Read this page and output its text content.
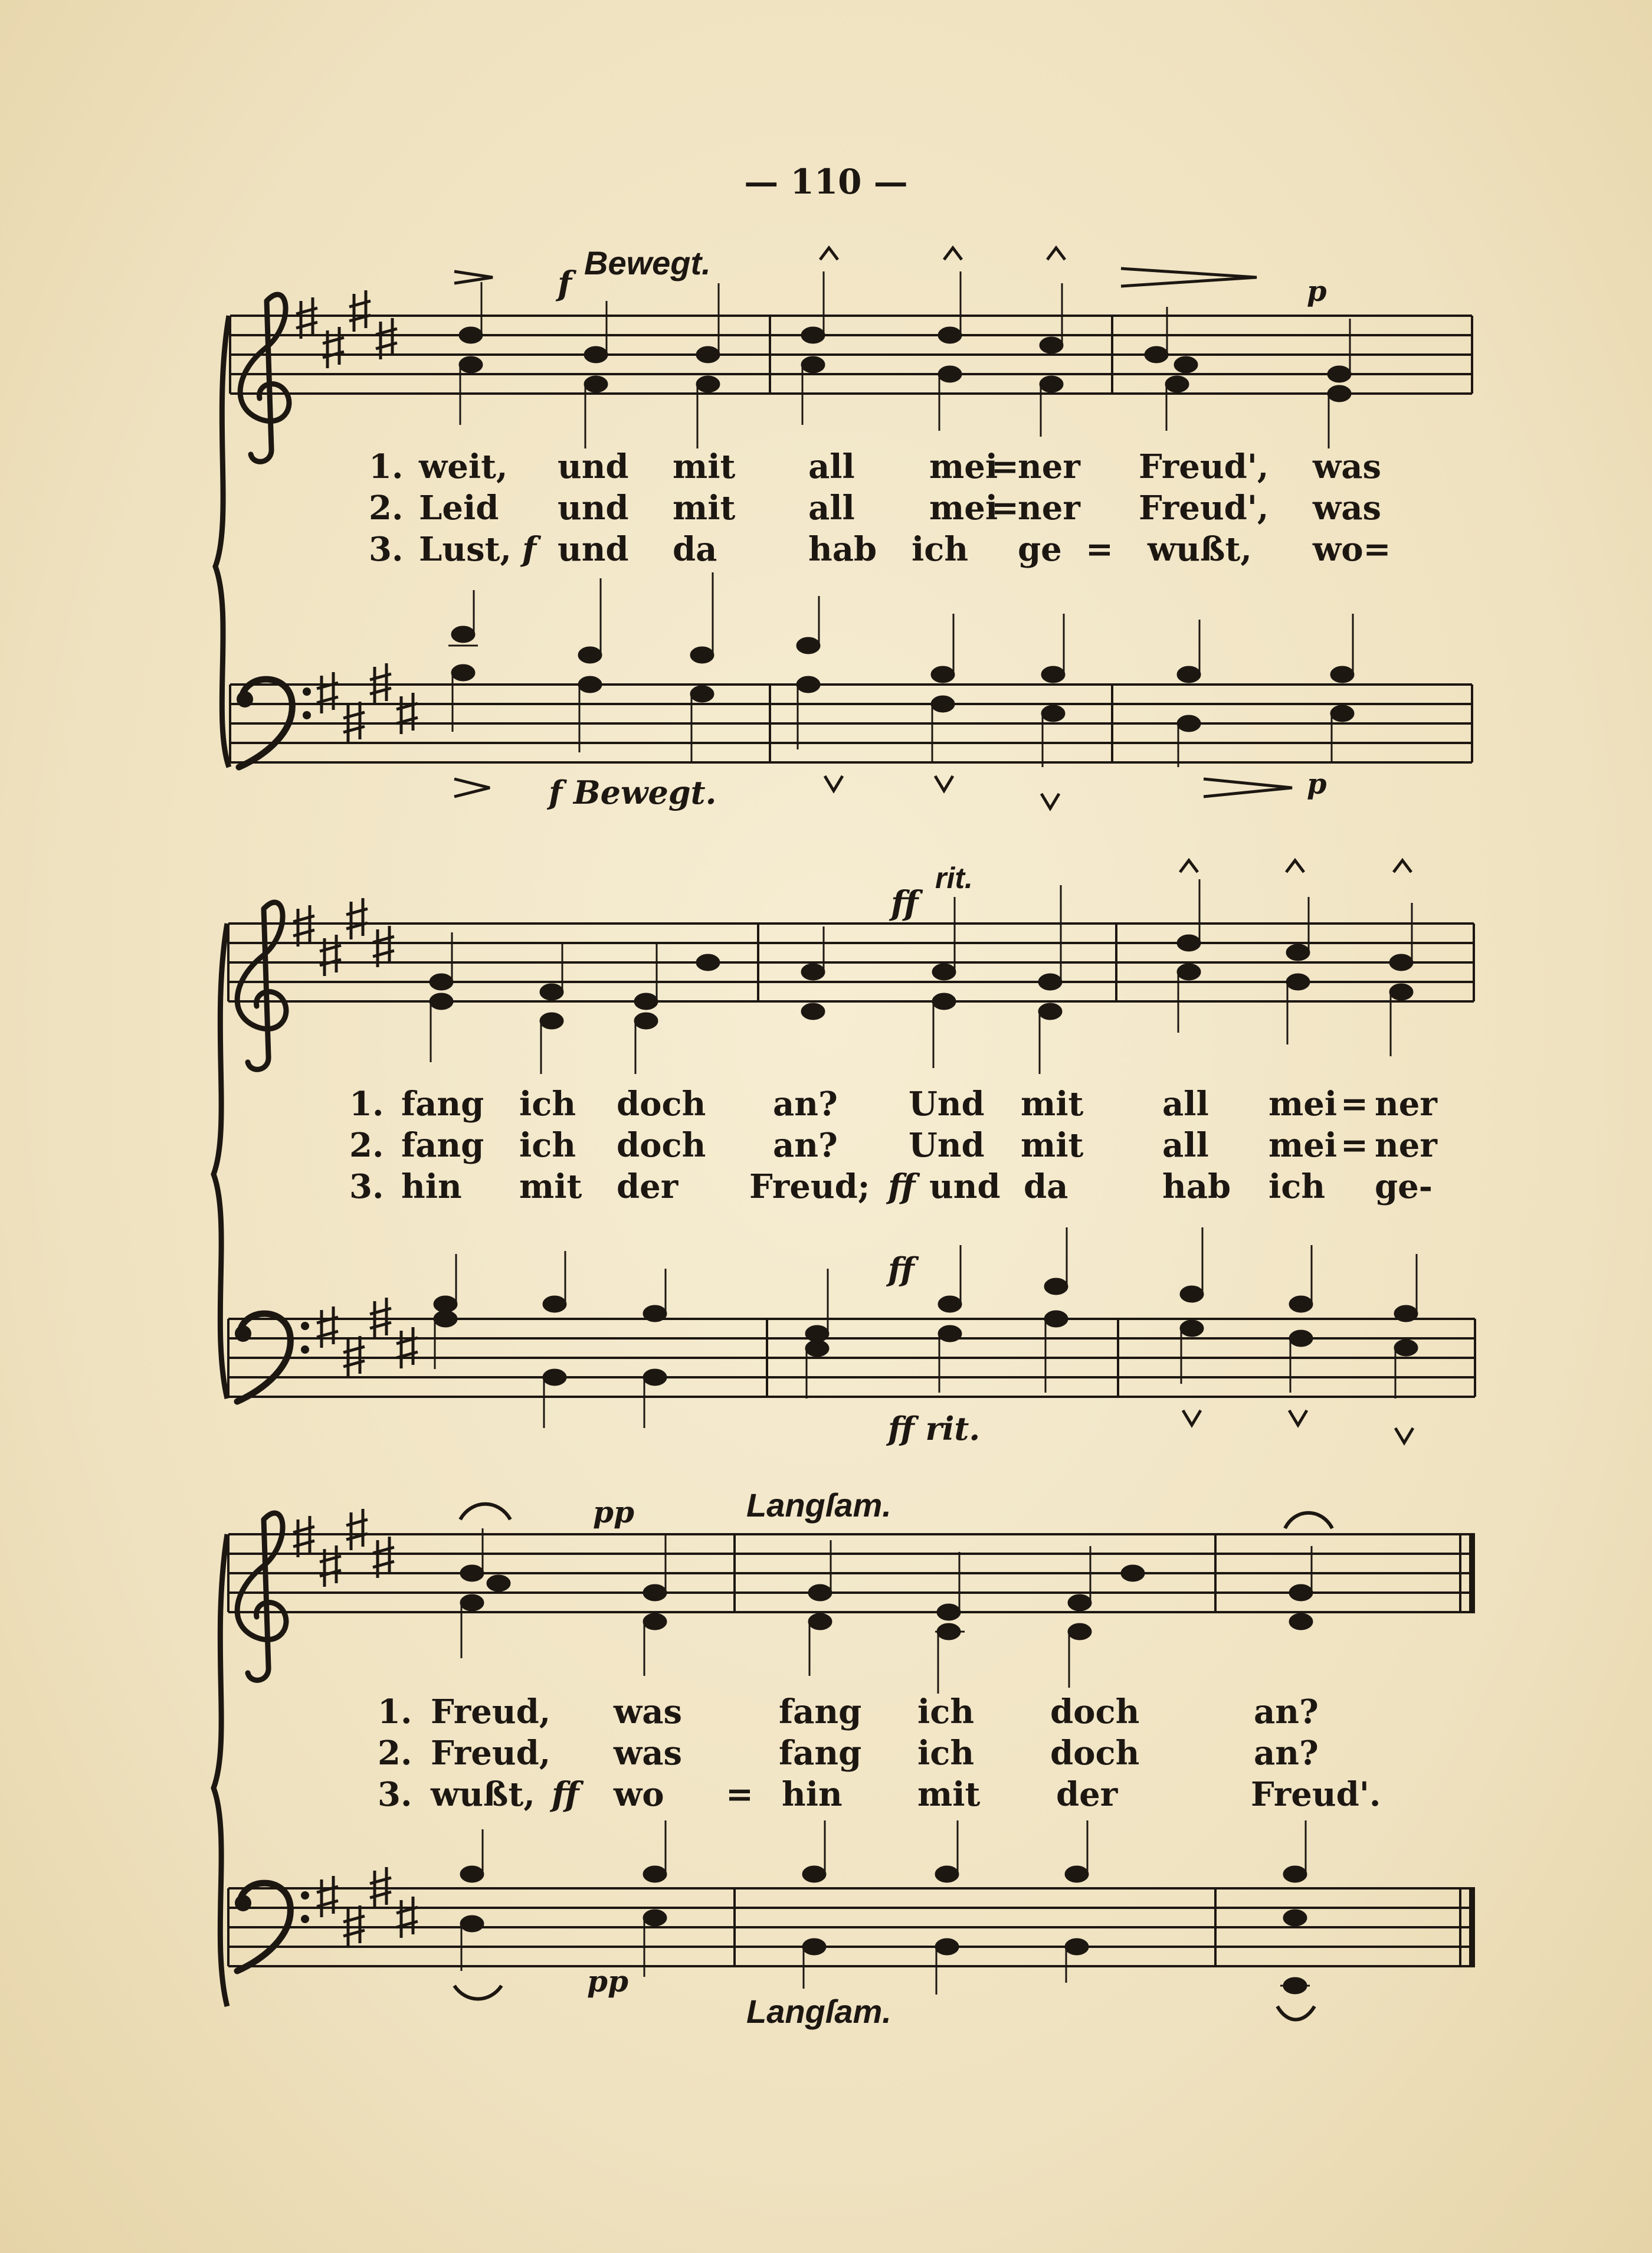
— 110 —
f
Bewegt.
p
1. weit, und mit all mei
=
ner Freud', was
2. Leid und mit all mei
=
ner Freud', was
3. Lust, f und da	hab ich ge = wußt, wo=
f Bewegt.	p
ff
rit.
1. fang ich doch an? Und mit all mei = ner
2. fang ich doch an? Und mit all mei = ner
3. hin mit der Freud; ff und da	hab ich ge-
ff
ff rit.
pp	Langſam.
1. Freud, was	fang ich doch	an?
2. Freud, was	fang ich doch	an?
3. wußt, ff wo = hin mit der	Freud'.
pp
Langſam.
